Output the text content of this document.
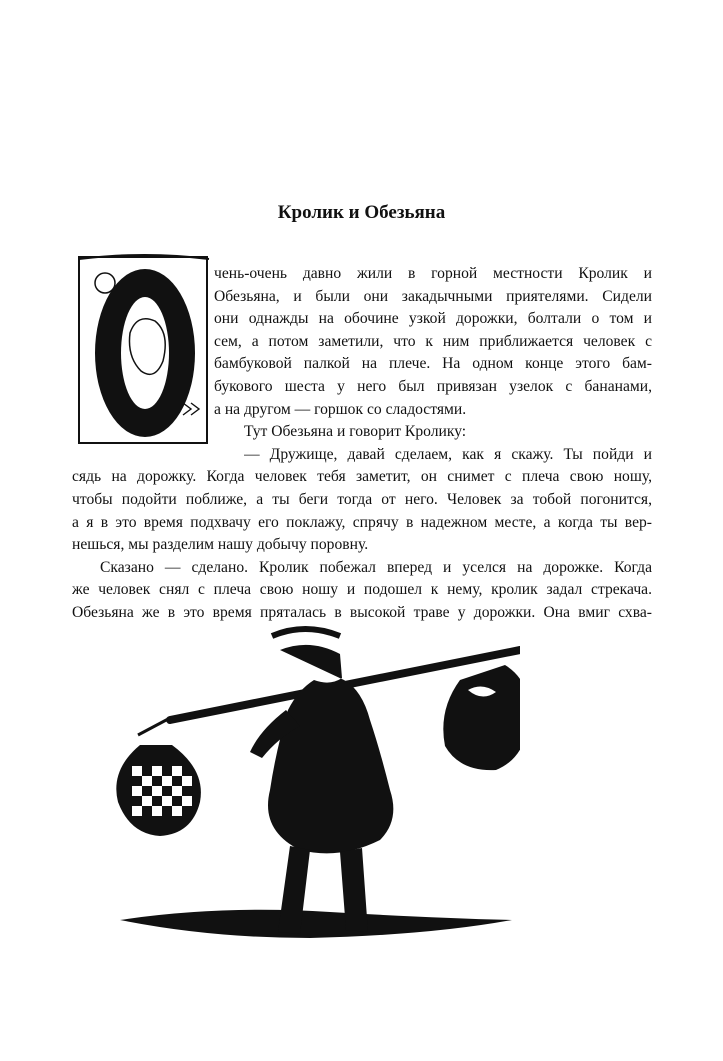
Кролик и Обезьяна
чень-очень давно жили в горной местности Кролик и
Обезьяна, и были они закадычными приятелями. Сидели
они однажды на обочине узкой дорожки, болтали о том и
сем, а потом заметили, что к ним приближается человек с
бамбуковой палкой на плече. На одном конце этого бам-
букового шеста у него был привязан узелок с бананами,
а на другом — горшок со сладостями.
Тут Обезьяна и говорит Кролику:
— Дружище, давай сделаем, как я скажу. Ты пойди и
сядь на дорожку. Когда человек тебя заметит, он снимет с плеча свою ношу,
чтобы подойти поближе, а ты беги тогда от него. Человек за тобой погонится,
а я в это время подхвачу его поклажу, спрячу в надежном месте, а когда ты вер-
нешься, мы разделим нашу добычу поровну.
Сказано — сделано. Кролик побежал вперед и уселся на дорожке. Когда
же человек снял с плеча свою ношу и подошел к нему, кролик задал стрекача.
Обезьяна же в это время пряталась в высокой траве у дорожки. Она вмиг схва-
